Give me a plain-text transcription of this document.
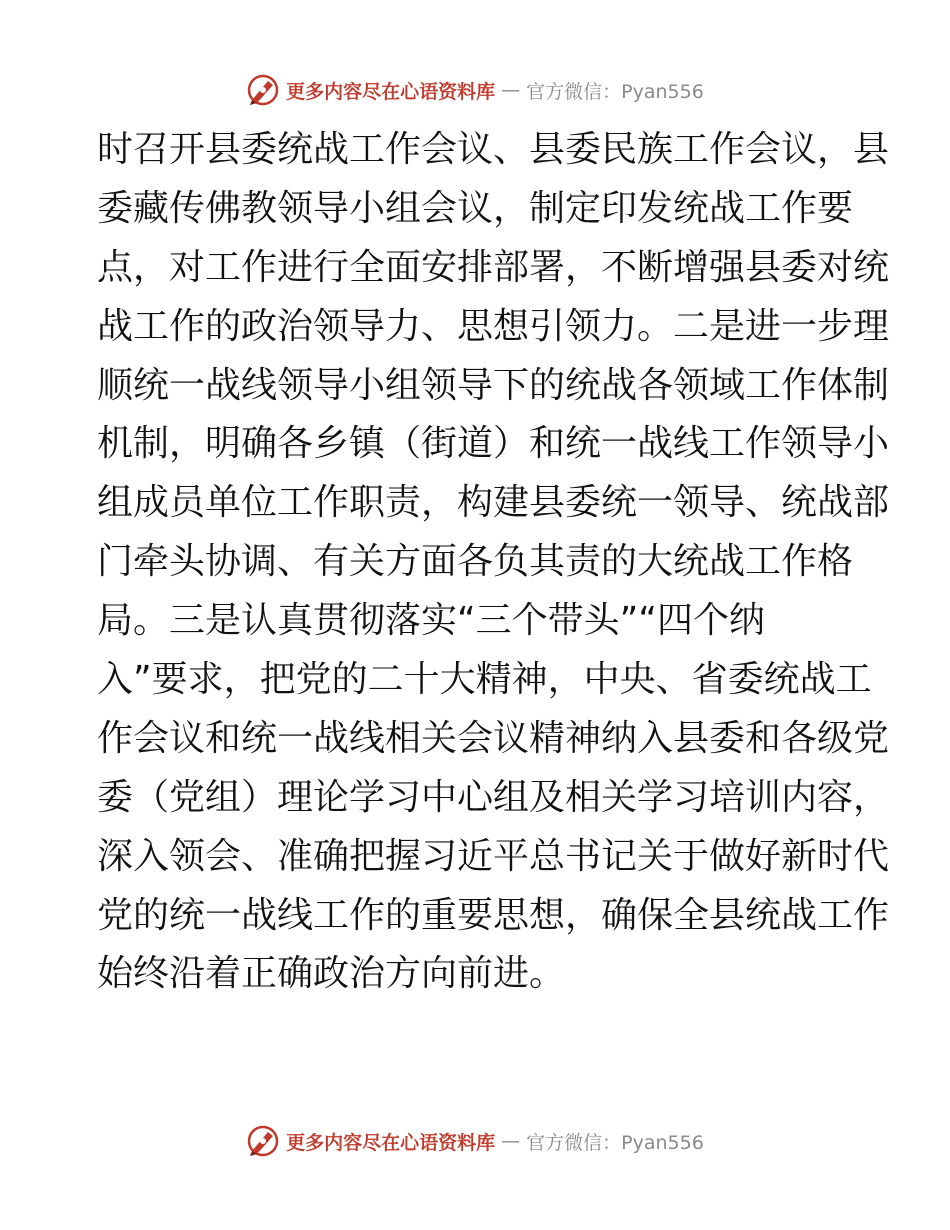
更多内容尽在心语资料库 — 官方微信：Pyan556
时召开县委统战工作会议、县委民族工作会议，县
委藏传佛教领导小组会议，制定印发统战工作要
点，对工作进行全面安排部署，不断增强县委对统
战工作的政治领导力、思想引领力。二是进一步理
顺统一战线领导小组领导下的统战各领域工作体制
机制，明确各乡镇（街道）和统一战线工作领导小
组成员单位工作职责，构建县委统一领导、统战部
门牵头协调、有关方面各负其责的大统战工作格
局。三是认真贯彻落实“三个带头”“四个纳
入”要求，把党的二十大精神，中央、省委统战工
作会议和统一战线相关会议精神纳入县委和各级党
委（党组）理论学习中心组及相关学习培训内容，
深入领会、准确把握习近平总书记关于做好新时代
党的统一战线工作的重要思想，确保全县统战工作
始终沿着正确政治方向前进。
更多内容尽在心语资料库 — 官方微信：Pyan556
